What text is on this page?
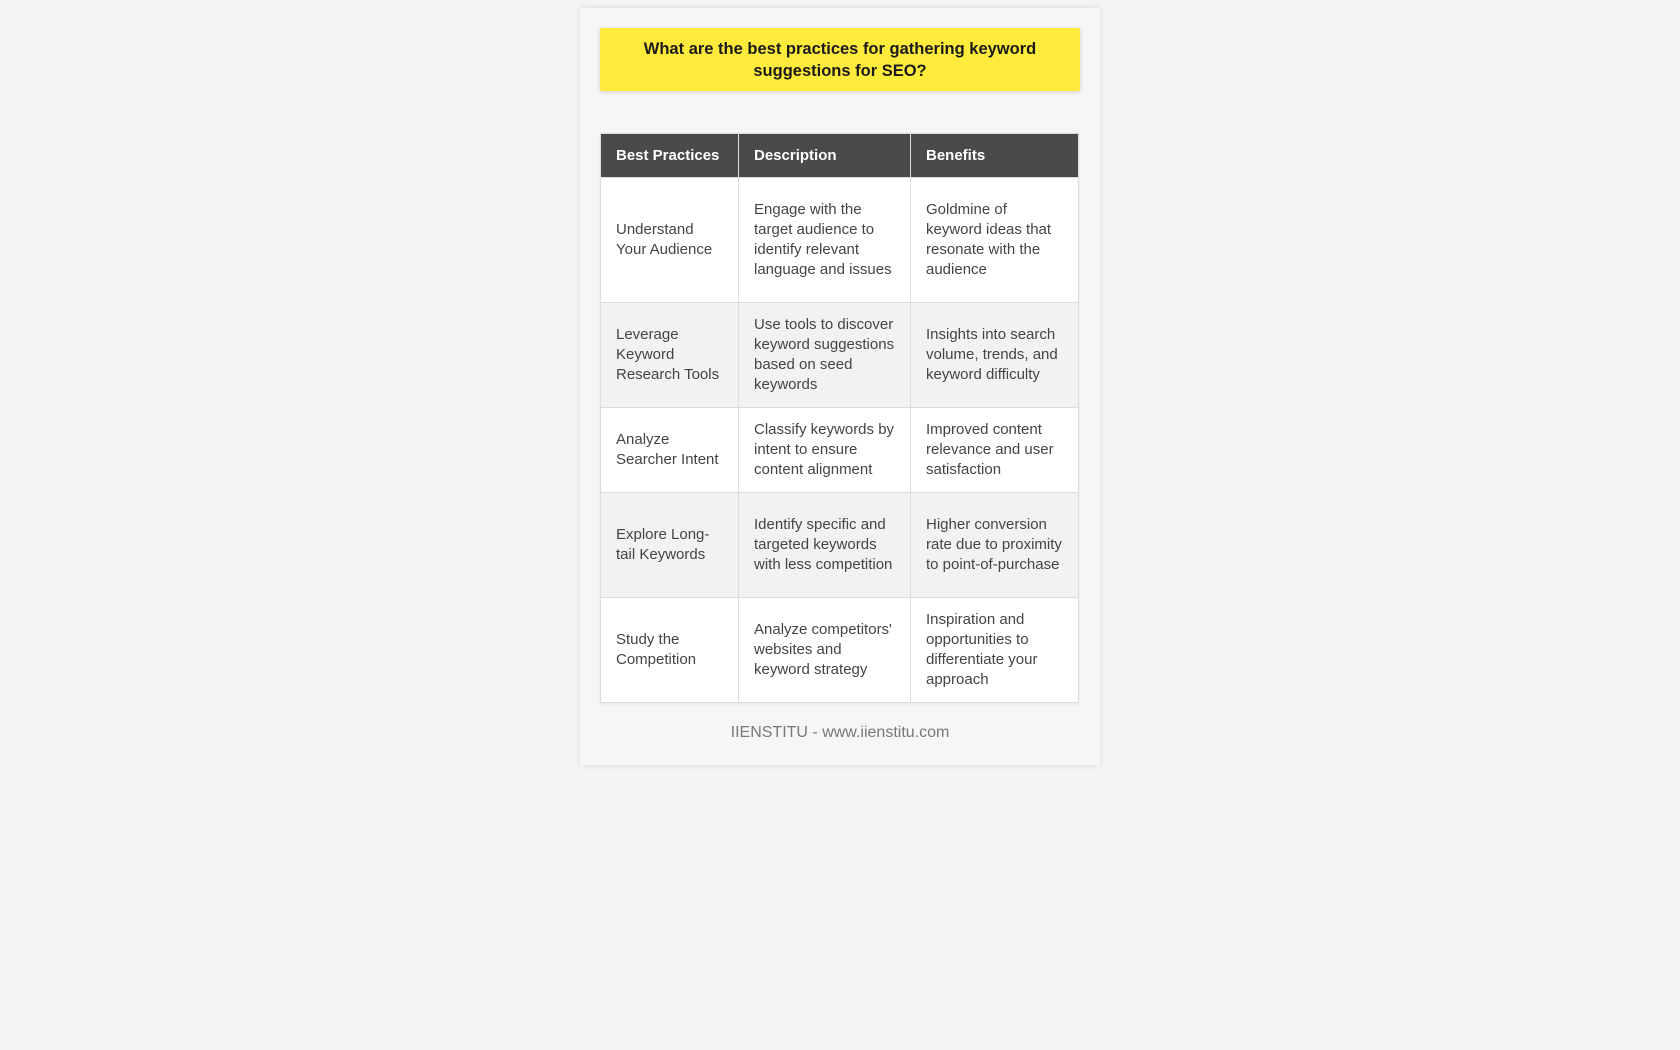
What are the best practices for gathering keyword suggestions for SEO?
Best Practices	Description	Benefits
Understand Your Audience	Engage with the target audience to identify relevant language and issues	Goldmine of keyword ideas that resonate with the audience
Leverage Keyword Research Tools	Use tools to discover keyword suggestions based on seed keywords	Insights into search volume, trends, and keyword difficulty
Analyze Searcher Intent	Classify keywords by intent to ensure content alignment	Improved content relevance and user satisfaction
Explore Long-tail Keywords	Identify specific and targeted keywords with less competition	Higher conversion rate due to proximity to point-of-purchase
Study the Competition	Analyze competitors' websites and keyword strategy	Inspiration and opportunities to differentiate your approach
IIENSTITU - www.iienstitu.com
